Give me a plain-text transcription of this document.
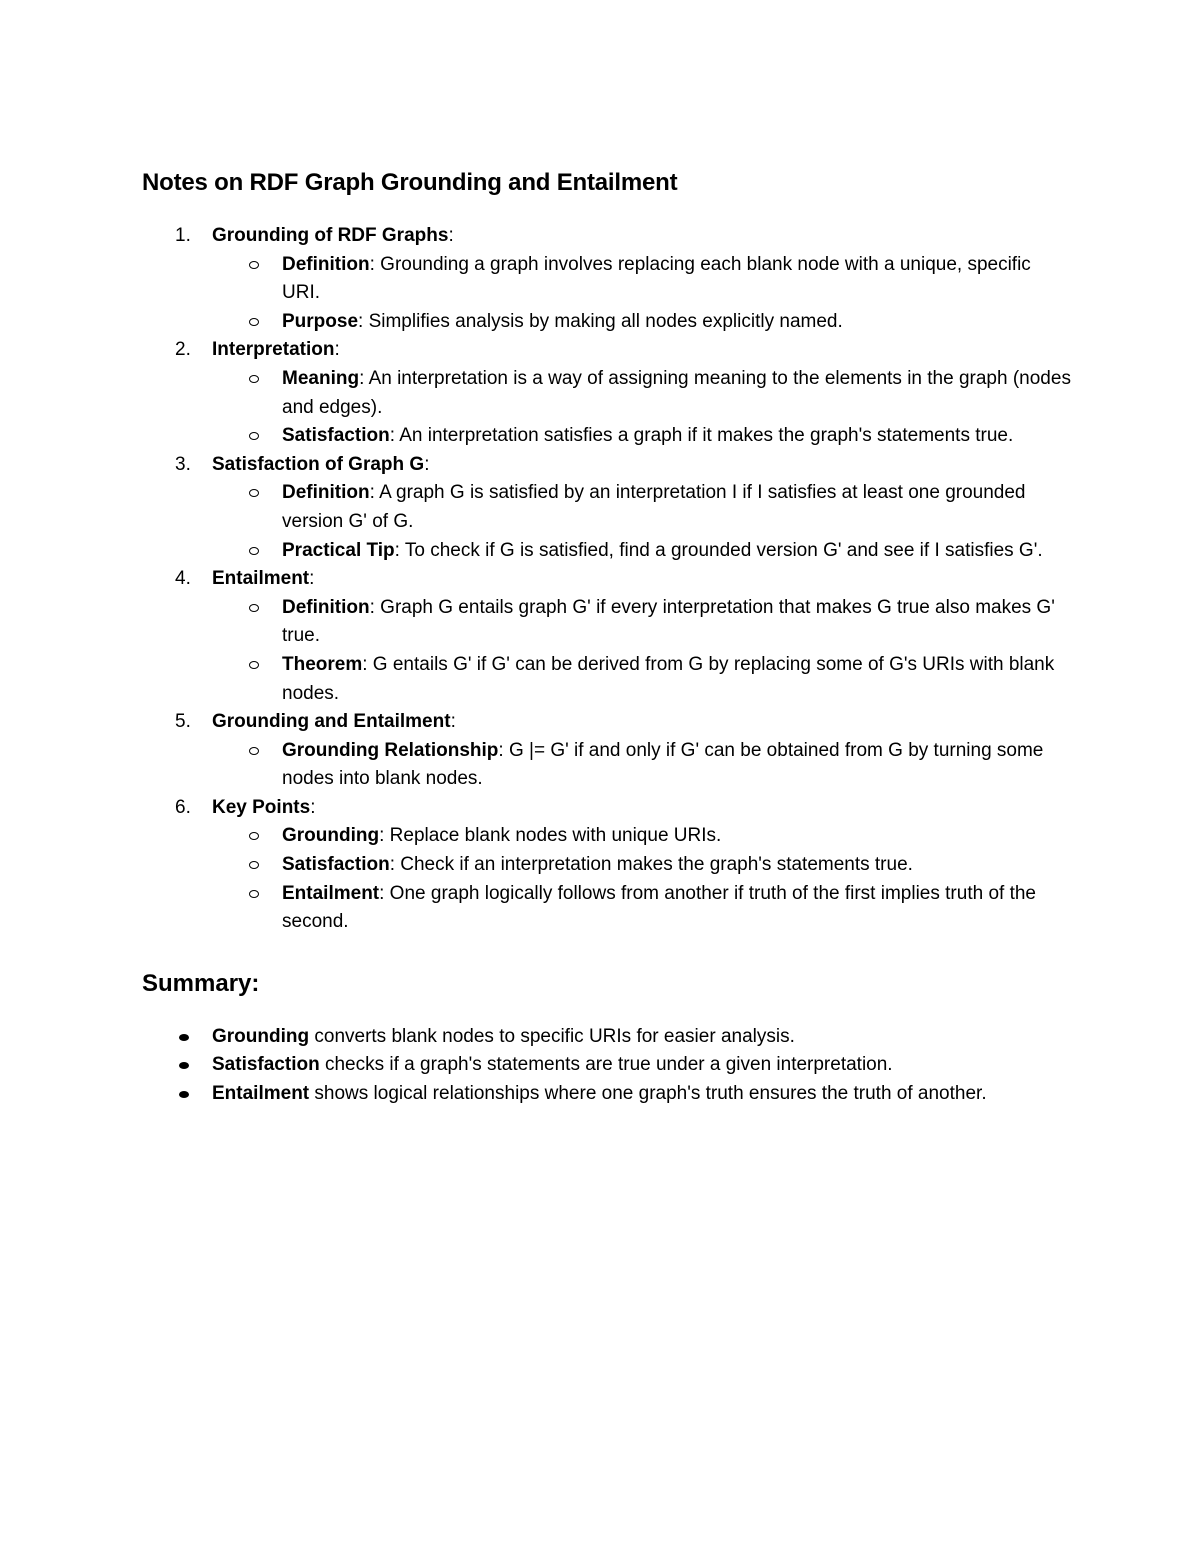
Notes on RDF Graph Grounding and Entailment
1. Grounding of RDF Graphs:
Definition: Grounding a graph involves replacing each blank node with a unique, specific URI.
Purpose: Simplifies analysis by making all nodes explicitly named.
2. Interpretation:
Meaning: An interpretation is a way of assigning meaning to the elements in the graph (nodes and edges).
Satisfaction: An interpretation satisfies a graph if it makes the graph's statements true.
3. Satisfaction of Graph G:
Definition: A graph G is satisfied by an interpretation I if I satisfies at least one grounded version G' of G.
Practical Tip: To check if G is satisfied, find a grounded version G' and see if I satisfies G'.
4. Entailment:
Definition: Graph G entails graph G' if every interpretation that makes G true also makes G' true.
Theorem: G entails G' if G' can be derived from G by replacing some of G's URIs with blank nodes.
5. Grounding and Entailment:
Grounding Relationship: G |= G' if and only if G' can be obtained from G by turning some nodes into blank nodes.
6. Key Points:
Grounding: Replace blank nodes with unique URIs.
Satisfaction: Check if an interpretation makes the graph's statements true.
Entailment: One graph logically follows from another if truth of the first implies truth of the second.
Summary:
Grounding converts blank nodes to specific URIs for easier analysis.
Satisfaction checks if a graph's statements are true under a given interpretation.
Entailment shows logical relationships where one graph's truth ensures the truth of another.
